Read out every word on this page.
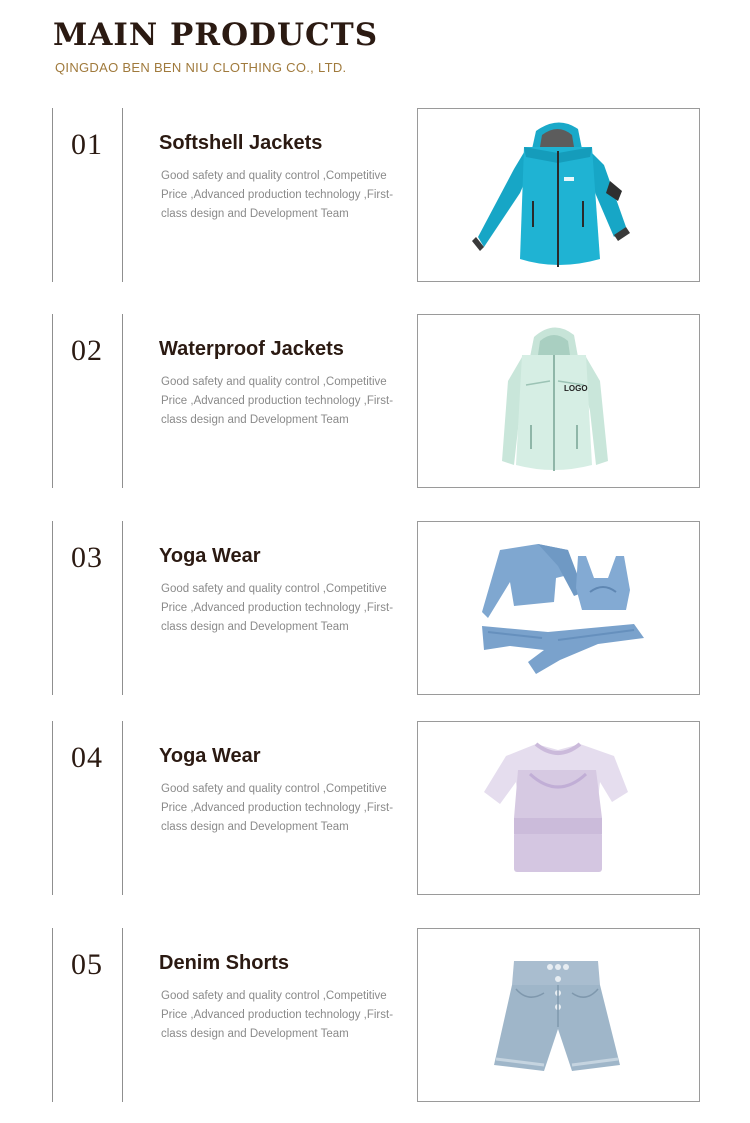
MAIN PRODUCTS
QINGDAO BEN BEN NIU CLOTHING CO., LTD.
01	Softshell Jackets
Good safety and quality control ,Competitive Price ,Advanced production technology ,First-class design and Development Team
02	Waterproof Jackets
Good safety and quality control ,Competitive Price ,Advanced production technology ,First-class design and Development Team
LOGO
03	Yoga Wear
Good safety and quality control ,Competitive Price ,Advanced production technology ,First-class design and Development Team
04	Yoga Wear
Good safety and quality control ,Competitive Price ,Advanced production technology ,First-class design and Development Team
05	Denim Shorts
Good safety and quality control ,Competitive Price ,Advanced production technology ,First-class design and Development Team
